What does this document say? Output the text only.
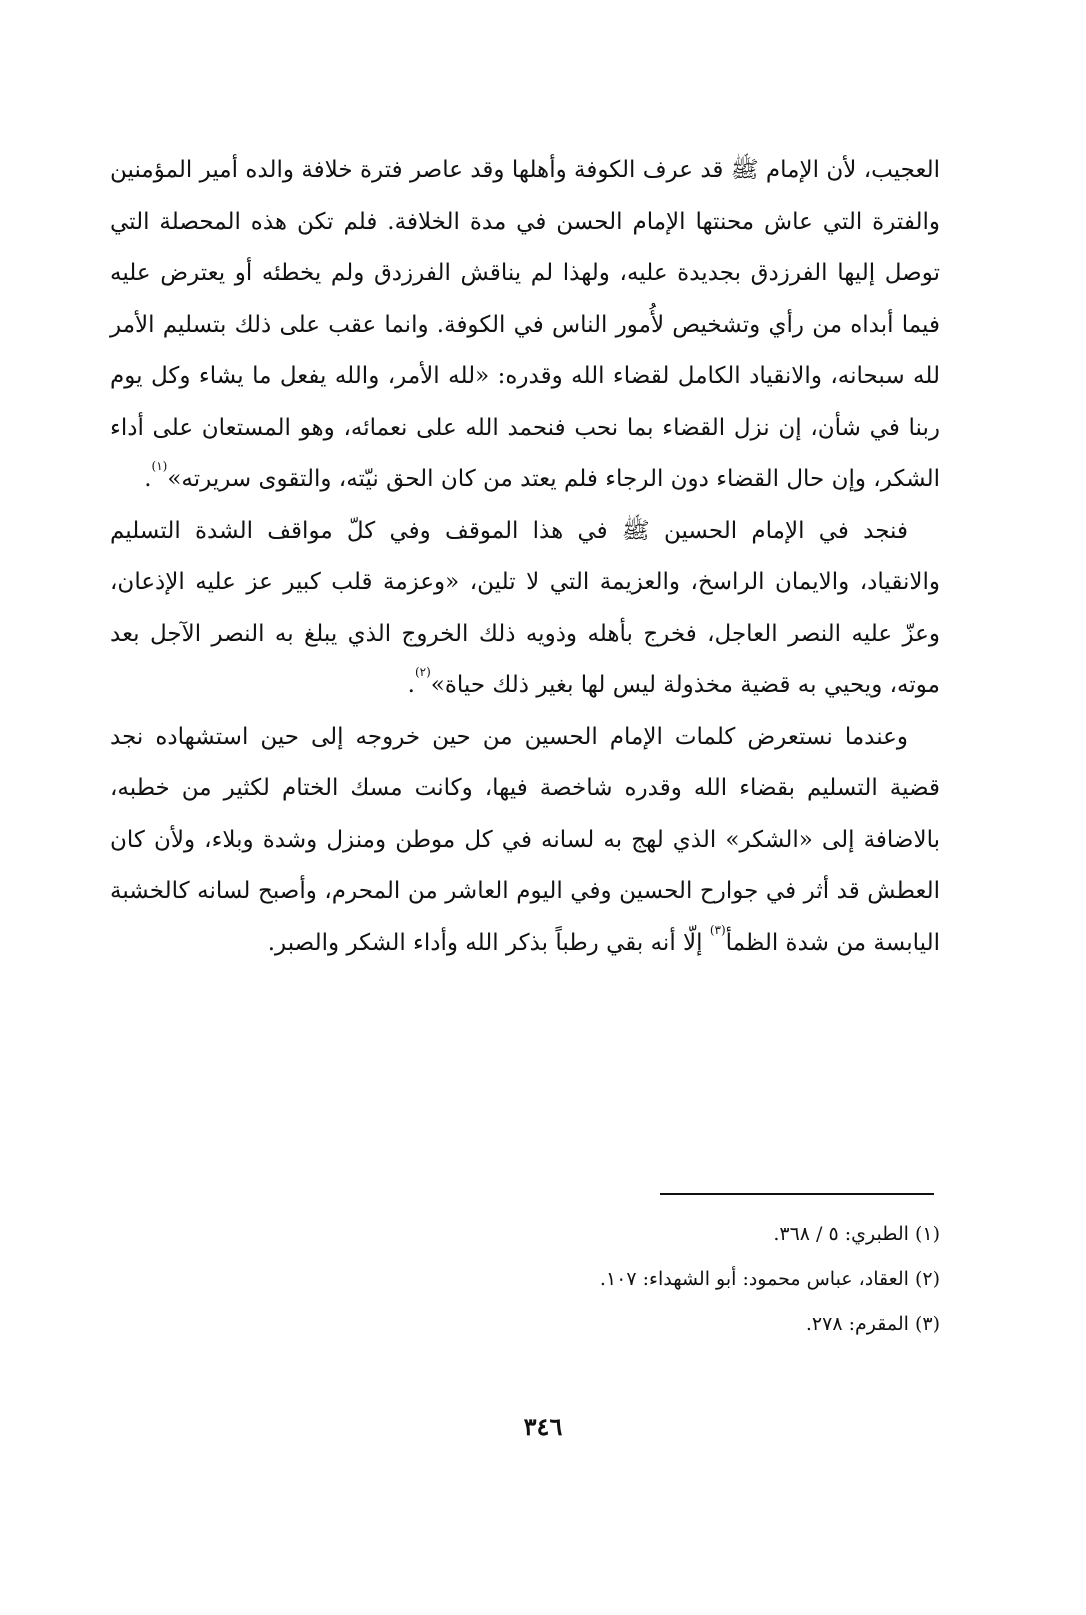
العجيب، لأن الإمام ﷺ قد عرف الكوفة وأهلها وقد عاصر فترة خلافة والده أمير المؤمنين والفترة التي عاش محنتها الإمام الحسن في مدة الخلافة. فلم تكن هذه المحصلة التي توصل إليها الفرزدق بجديدة عليه، ولهذا لم يناقش الفرزدق ولم يخطئه أو يعترض عليه فيما أبداه من رأي وتشخيص لأُمور الناس في الكوفة. وانما عقب على ذلك بتسليم الأمر لله سبحانه، والانقياد الكامل لقضاء الله وقدره: «لله الأمر، والله يفعل ما يشاء وكل يوم ربنا في شأن، إن نزل القضاء بما نحب فنحمد الله على نعمائه، وهو المستعان على أداء الشكر، وإن حال القضاء دون الرجاء فلم يعتد من كان الحق نيّته، والتقوى سريرته»$^{(١)}$.

فنجد في الإمام الحسين ﷺ في هذا الموقف وفي كلّ مواقف الشدة التسليم والانقياد، والايمان الراسخ، والعزيمة التي لا تلين، «وعزمة قلب كبير عز عليه الإذعان، وعزّ عليه النصر العاجل، فخرج بأهله وذويه ذلك الخروج الذي يبلغ به النصر الآجل بعد موته، ويحيي به قضية مخذولة ليس لها بغير ذلك حياة»$^{(٢)}$.

وعندما نستعرض كلمات الإمام الحسين من حين خروجه إلى حين استشهاده نجد قضية التسليم بقضاء الله وقدره شاخصة فيها، وكانت مسك الختام لكثير من خطبه، بالاضافة إلى «الشكر» الذي لهج به لسانه في كل موطن ومنزل وشدة وبلاء، ولأن كان العطش قد أثر في جوارح الحسين وفي اليوم العاشر من المحرم، وأصبح لسانه كالخشبة اليابسة من شدة الظمأ$^{(٣)}$ إلّا أنه بقي رطباً بذكر الله وأداء الشكر والصبر.

(١) الطبري: ٥ / ٣٦٨.

(٢) العقاد، عباس محمود: أبو الشهداء: ١٠٧.

(٣) المقرم: ٢٧٨.

٣٤٦
